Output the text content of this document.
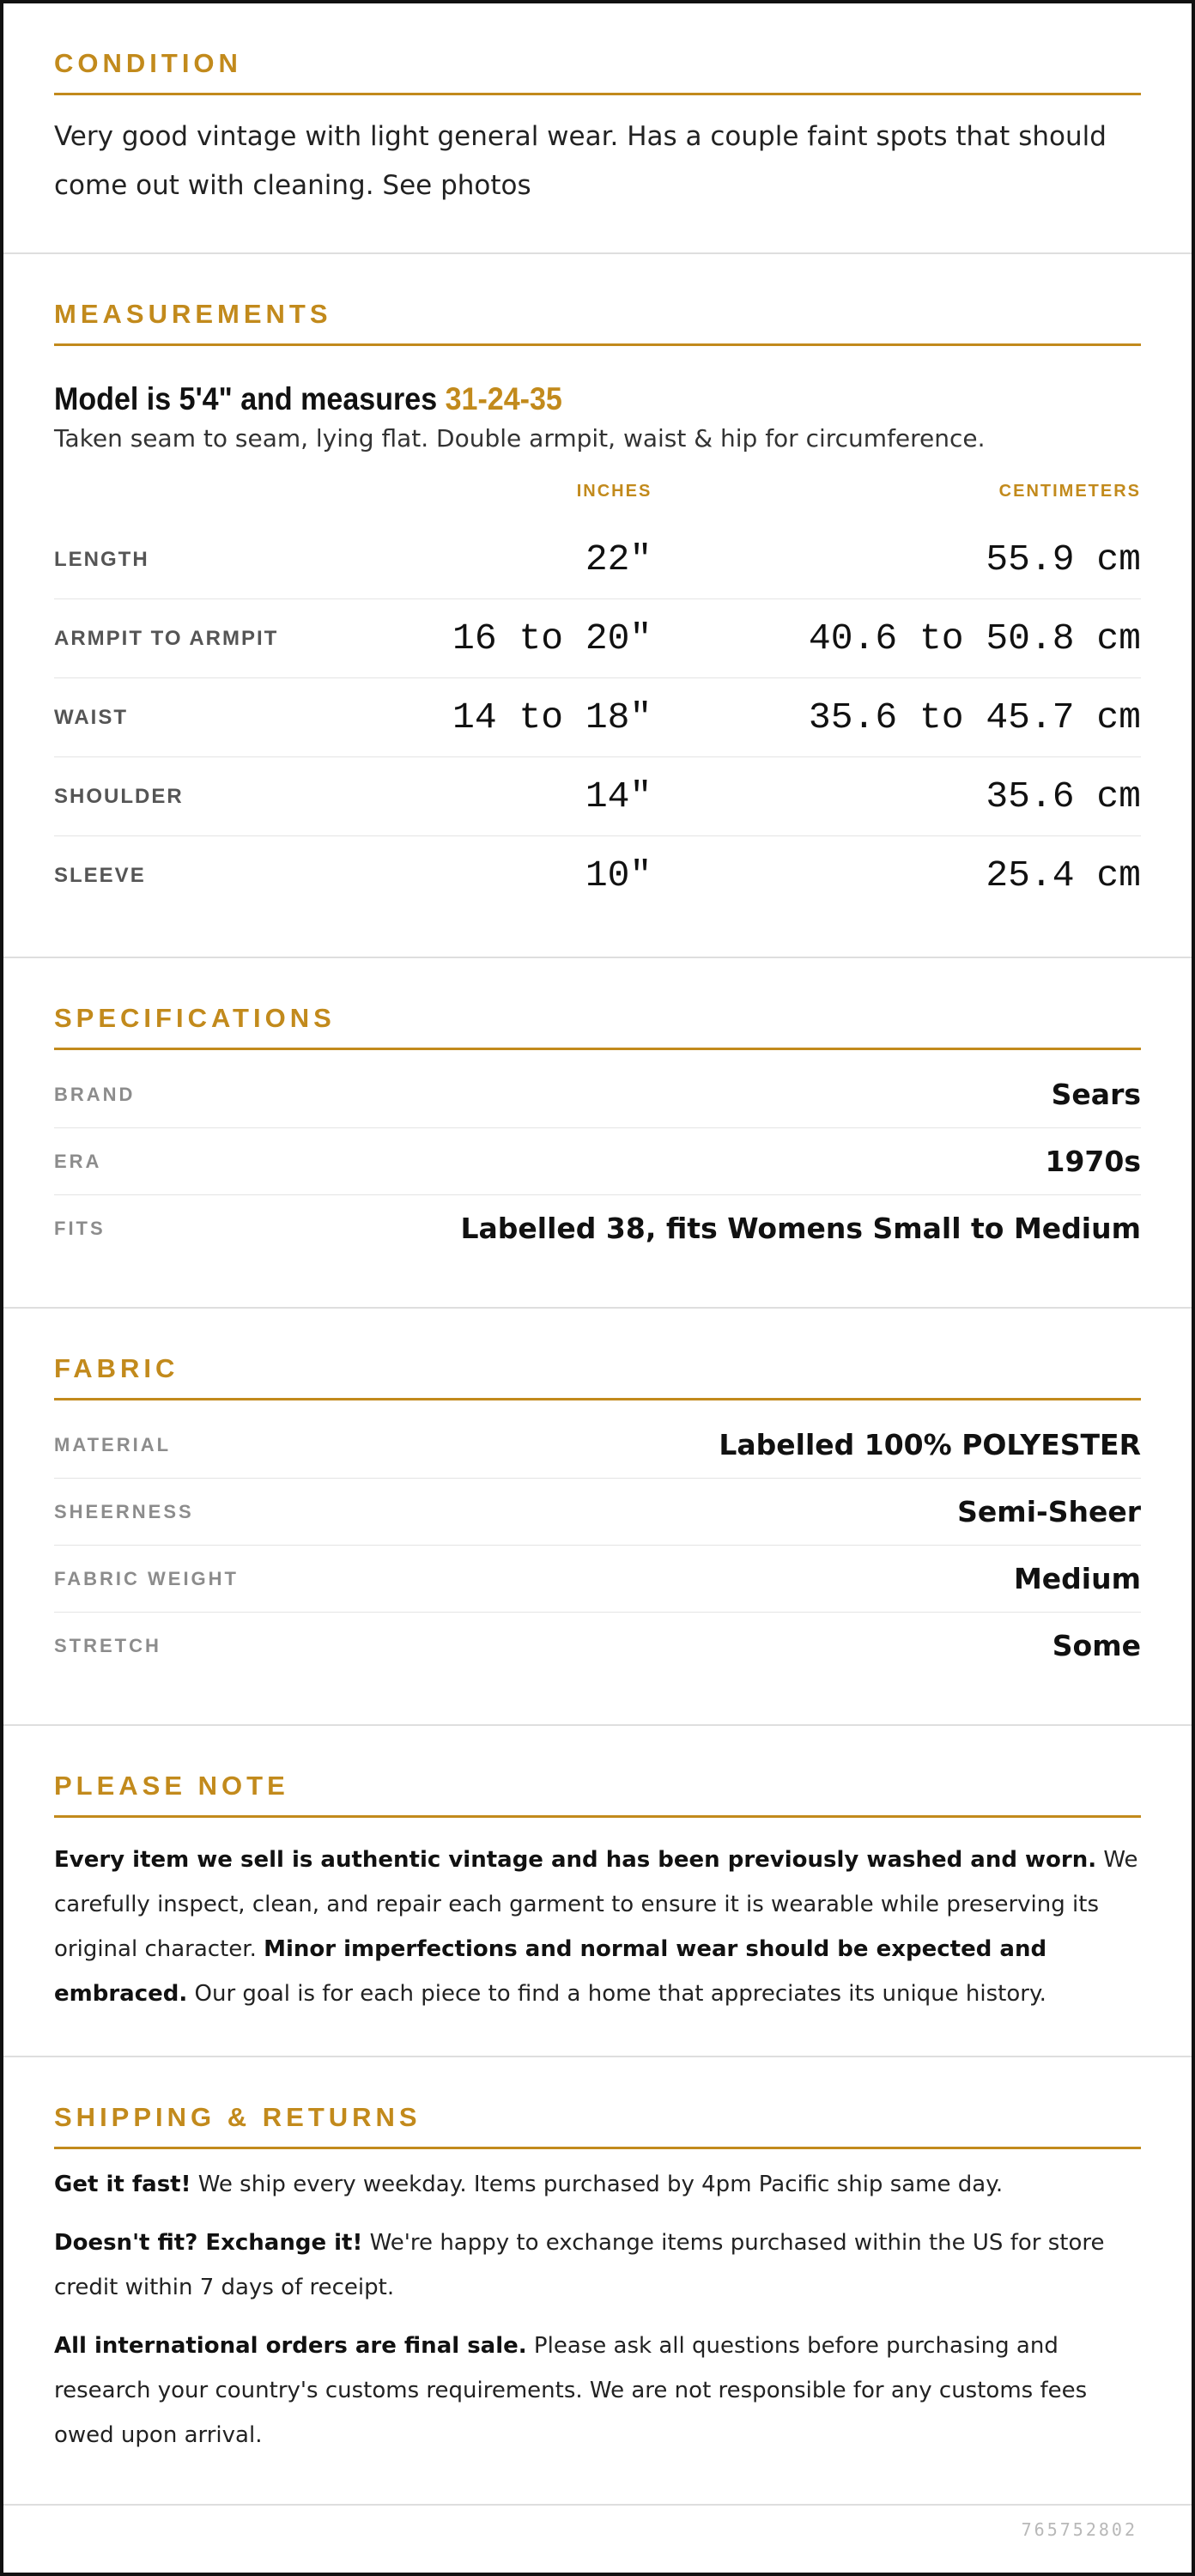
CONDITION
Very good vintage with light general wear. Has a couple faint spots that should come out with cleaning. See photos
MEASUREMENTS
Model is 5'4" and measures 31-24-35
Taken seam to seam, lying flat. Double armpit, waist & hip for circumference.
	INCHES	CENTIMETERS
LENGTH	22"	55.9 cm
ARMPIT TO ARMPIT	16 to 20"	40.6 to 50.8 cm
WAIST	14 to 18"	35.6 to 45.7 cm
SHOULDER	14"	35.6 cm
SLEEVE	10"	25.4 cm
SPECIFICATIONS
BRAND	Sears
ERA	1970s
FITS	Labelled 38, fits Womens Small to Medium
FABRIC
MATERIAL	Labelled 100% POLYESTER
SHEERNESS	Semi-Sheer
FABRIC WEIGHT	Medium
STRETCH	Some
PLEASE NOTE

Every item we sell is authentic vintage and has been previously washed and worn. We carefully inspect, clean, and repair each garment to ensure it is wearable while preserving its original character. Minor imperfections and normal wear should be expected and embraced. Our goal is for each piece to find a home that appreciates its unique history.

SHIPPING & RETURNS

Get it fast! We ship every weekday. Items purchased by 4pm Pacific ship same day.

Doesn't fit? Exchange it! We're happy to exchange items purchased within the US for store credit within 7 days of receipt.

All international orders are final sale. Please ask all questions before purchasing and research your country's customs requirements. We are not responsible for any customs fees owed upon arrival.

765752802
